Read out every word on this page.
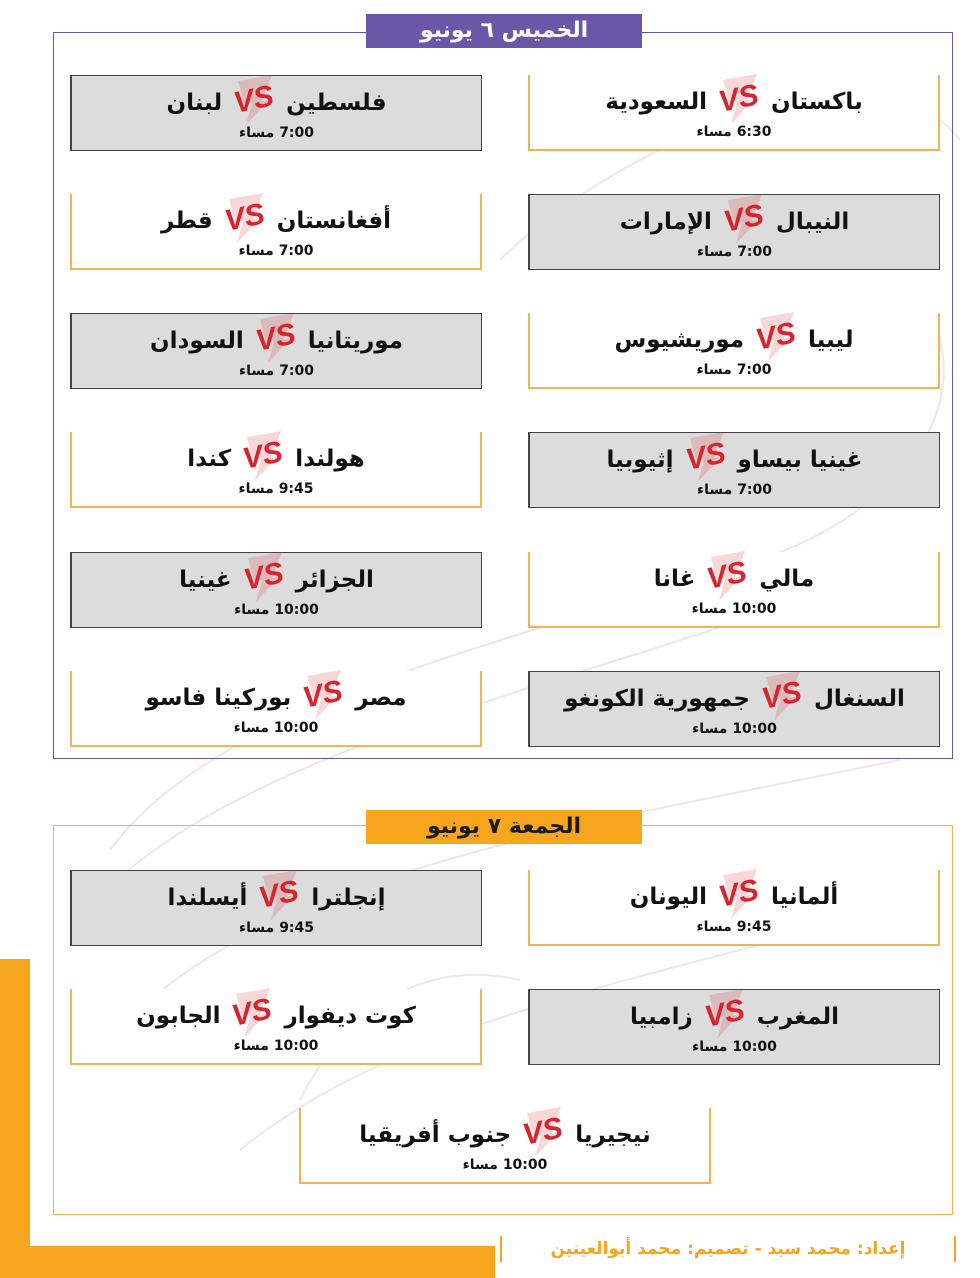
الخميس ٦ يونيو
الجمعة ٧ يونيو
السعودية VS باكستان
6:30 مساء
لبنان VS فلسطين
7:00 مساء
الإمارات VS النيبال
7:00 مساء
قطر VS أفغانستان
7:00 مساء
موريشيوس VS ليبيا
7:00 مساء
السودان VS موريتانيا
7:00 مساء
إثيوبيا VS غينيا بيساو
7:00 مساء
كندا VS هولندا
9:45 مساء
غانا VS مالي
10:00 مساء
غينيا VS الجزائر
10:00 مساء
جمهورية الكونغو VS السنغال
10:00 مساء
بوركينا فاسو VS مصر
10:00 مساء
اليونان VS ألمانيا
9:45 مساء
أيسلندا VS إنجلترا
9:45 مساء
زامبيا VS المغرب
10:00 مساء
الجابون VS كوت ديفوار
10:00 مساء
جنوب أفريقيا VS نيجيريا
10:00 مساء
إعداد: محمد سيد - تصميم: محمد أبوالعينين
